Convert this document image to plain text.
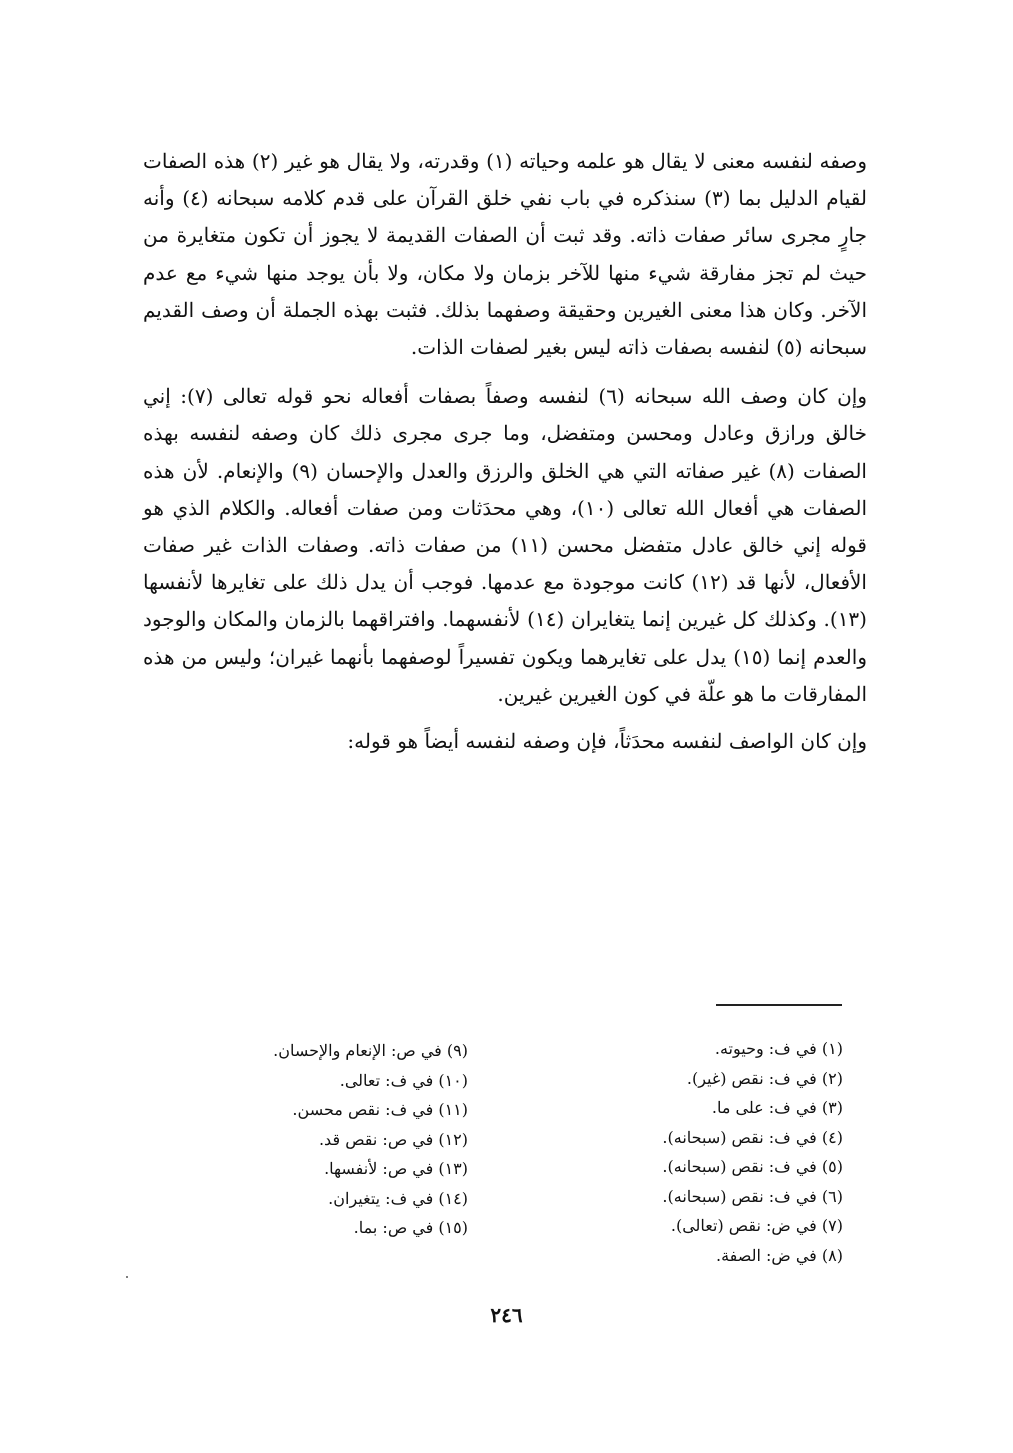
وصفه لنفسه معنى لا يقال هو علمه وحياته (١) وقدرته، ولا يقال هو غير (٢) هذه الصفات لقيام الدليل بما (٣) سنذكره في باب نفي خلق القرآن على قدم كلامه سبحانه (٤) وأنه جارٍ مجرى سائر صفات ذاته. وقد ثبت أن الصفات القديمة لا يجوز أن تكون متغايرة من حيث لم تجز مفارقة شيء منها للآخر بزمان ولا مكان، ولا بأن يوجد منها شيء مع عدم الآخر. وكان هذا معنى الغيرين وحقيقة وصفهما بذلك. فثبت بهذه الجملة أن وصف القديم سبحانه (٥) لنفسه بصفات ذاته ليس بغير لصفات الذات.

وإن كان وصف الله سبحانه (٦) لنفسه وصفاً بصفات أفعاله نحو قوله تعالى (٧): إني خالق ورازق وعادل ومحسن ومتفضل، وما جرى مجرى ذلك كان وصفه لنفسه بهذه الصفات (٨) غير صفاته التي هي الخلق والرزق والعدل والإحسان (٩) والإنعام. لأن هذه الصفات هي أفعال الله تعالى (١٠)، وهي محدَثات ومن صفات أفعاله. والكلام الذي هو قوله إني خالق عادل متفضل محسن (١١) من صفات ذاته. وصفات الذات غير صفات الأفعال، لأنها قد (١٢) كانت موجودة مع عدمها. فوجب أن يدل ذلك على تغايرها لأنفسها (١٣). وكذلك كل غيرين إنما يتغايران (١٤) لأنفسهما. وافتراقهما بالزمان والمكان والوجود والعدم إنما (١٥) يدل على تغايرهما ويكون تفسيراً لوصفهما بأنهما غيران؛ وليس من هذه المفارقات ما هو علّة في كون الغيرين غيرين.

وإن كان الواصف لنفسه محدَثاً، فإن وصفه لنفسه أيضاً هو قوله:

(١) في ف: وحيوته.
(٢) في ف: نقص (غير).
(٣) في ف: على ما.
(٤) في ف: نقص (سبحانه).
(٥) في ف: نقص (سبحانه).
(٦) في ف: نقص (سبحانه).
(٧) في ض: نقص (تعالى).
(٨) في ض: الصفة.
(٩) في ص: الإنعام والإحسان.
(١٠) في ف: تعالى.
(١١) في ف: نقص محسن.
(١٢) في ص: نقص قد.
(١٣) في ص: لأنفسها.
(١٤) في ف: يتغيران.
(١٥) في ص: بما.
٢٤٦
